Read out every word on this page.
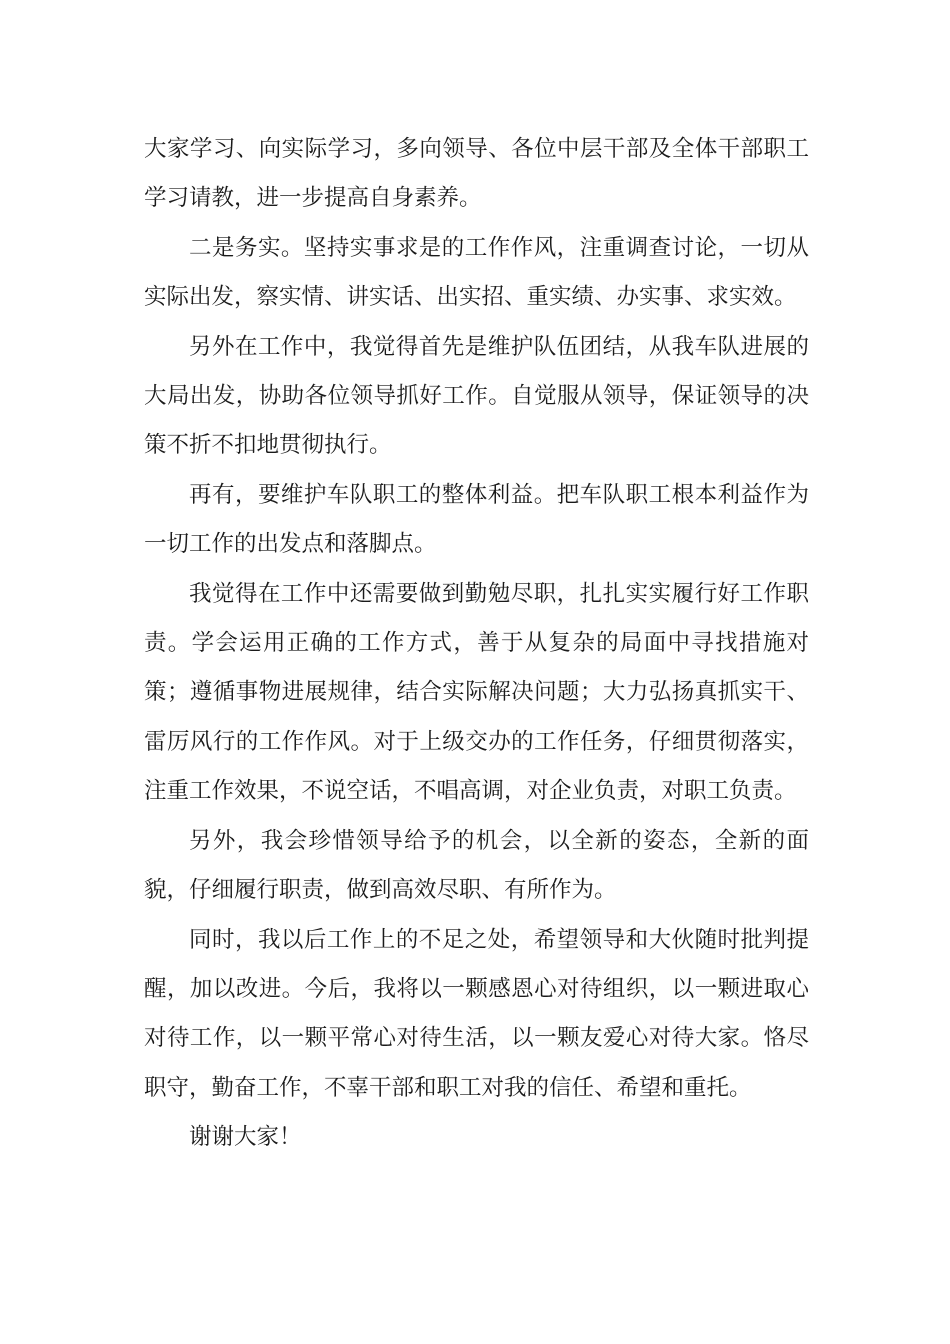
大家学习、向实际学习，多向领导、各位中层干部及全体干部职工学习请教，进一步提高自身素养。

二是务实。坚持实事求是的工作作风，注重调查讨论，一切从实际出发，察实情、讲实话、出实招、重实绩、办实事、求实效。

另外在工作中，我觉得首先是维护队伍团结，从我车队进展的大局出发，协助各位领导抓好工作。自觉服从领导，保证领导的决策不折不扣地贯彻执行。

再有，要维护车队职工的整体利益。把车队职工根本利益作为一切工作的出发点和落脚点。

我觉得在工作中还需要做到勤勉尽职，扎扎实实履行好工作职责。学会运用正确的工作方式，善于从复杂的局面中寻找措施对策；遵循事物进展规律，结合实际解决问题；大力弘扬真抓实干、雷厉风行的工作作风。对于上级交办的工作任务，仔细贯彻落实，注重工作效果，不说空话，不唱高调，对企业负责，对职工负责。

另外，我会珍惜领导给予的机会，以全新的姿态，全新的面貌，仔细履行职责，做到高效尽职、有所作为。

同时，我以后工作上的不足之处，希望领导和大伙随时批判提醒，加以改进。今后，我将以一颗感恩心对待组织，以一颗进取心对待工作，以一颗平常心对待生活，以一颗友爱心对待大家。恪尽职守，勤奋工作，不辜干部和职工对我的信任、希望和重托。

谢谢大家！
